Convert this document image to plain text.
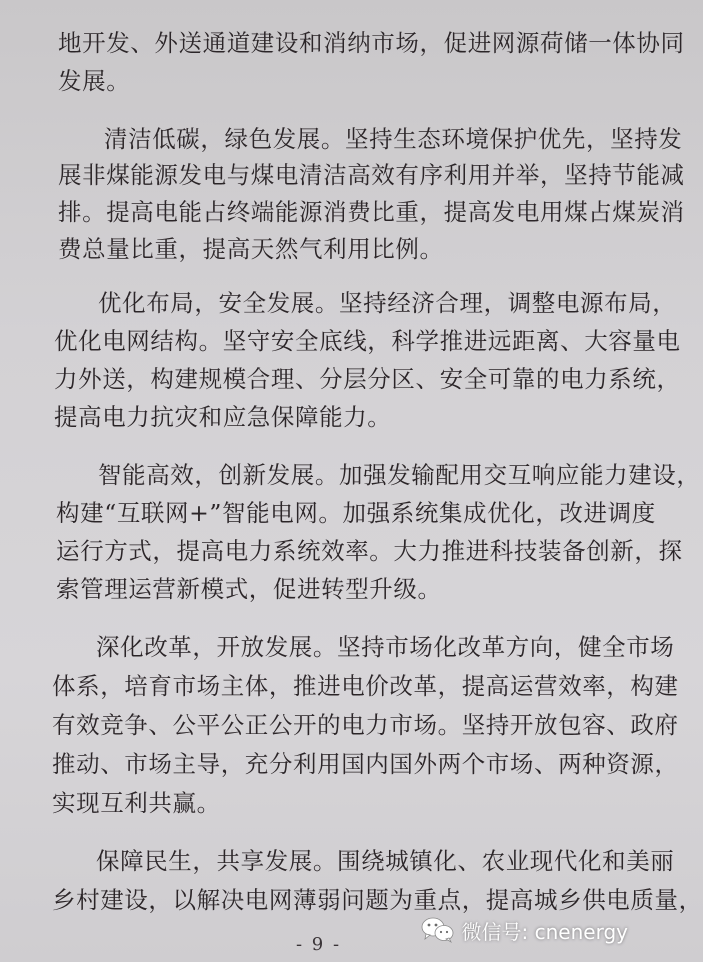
地开发、外送通道建设和消纳市场，促进网源荷储一体协同
发展。
清洁低碳，绿色发展。坚持生态环境保护优先，坚持发
展非煤能源发电与煤电清洁高效有序利用并举，坚持节能减
排。提高电能占终端能源消费比重，提高发电用煤占煤炭消
费总量比重，提高天然气利用比例。
优化布局，安全发展。坚持经济合理，调整电源布局，
优化电网结构。坚守安全底线，科学推进远距离、大容量电
力外送，构建规模合理、分层分区、安全可靠的电力系统，
提高电力抗灾和应急保障能力。
智能高效，创新发展。加强发输配用交互响应能力建设，
构建“互联网+”智能电网。加强系统集成优化，改进调度
运行方式，提高电力系统效率。大力推进科技装备创新，探
索管理运营新模式，促进转型升级。
深化改革，开放发展。坚持市场化改革方向，健全市场
体系，培育市场主体，推进电价改革，提高运营效率，构建
有效竞争、公平公正公开的电力市场。坚持开放包容、政府
推动、市场主导，充分利用国内国外两个市场、两种资源，
实现互利共赢。
保障民生，共享发展。围绕城镇化、农业现代化和美丽
乡村建设，以解决电网薄弱问题为重点，提高城乡供电质量，
- 9 -
微信号: cnenergy
